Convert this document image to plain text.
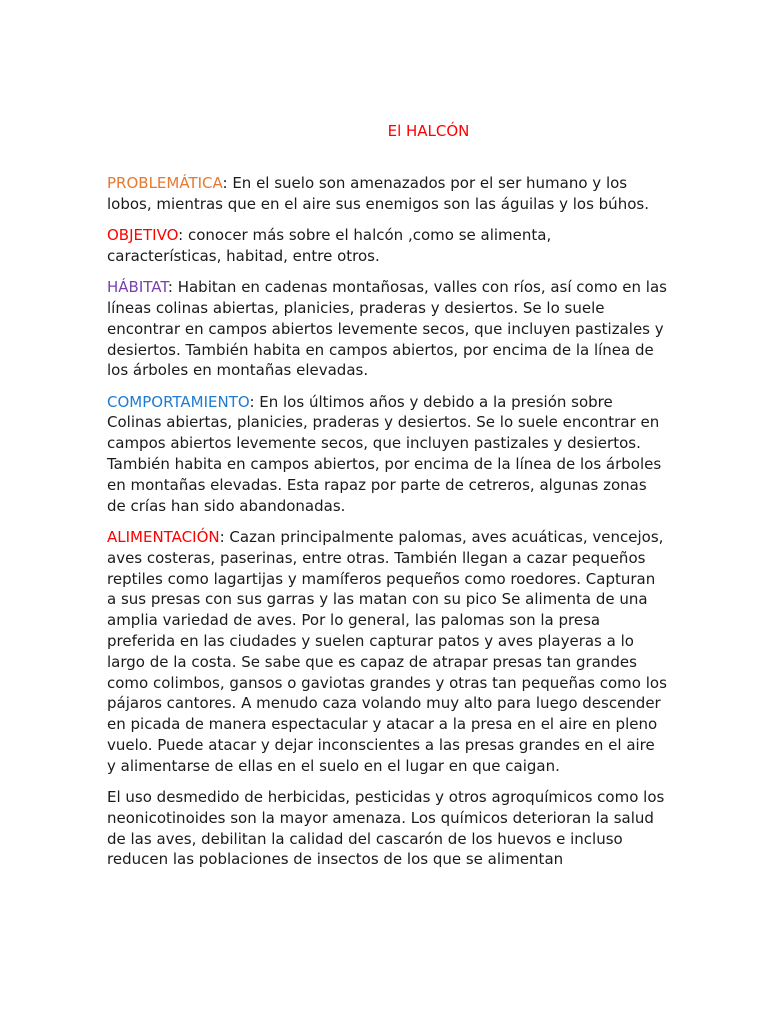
El HALCÓN

PROBLEMÁTICA: En el suelo son amenazados por el ser humano y los lobos, mientras que en el aire sus enemigos son las águilas y los búhos.

OBJETIVO: conocer más sobre el halcón ,como se alimenta, características, habitad, entre otros.

HÁBITAT: Habitan en cadenas montañosas, valles con ríos, así como en las líneas colinas abiertas, planicies, praderas y desiertos. Se lo suele encontrar en campos abiertos levemente secos, que incluyen pastizales y desiertos. También habita en campos abiertos, por encima de la línea de los árboles en montañas elevadas.

COMPORTAMIENTO: En los últimos años y debido a la presión sobre Colinas abiertas, planicies, praderas y desiertos. Se lo suele encontrar en campos abiertos levemente secos, que incluyen pastizales y desiertos. También habita en campos abiertos, por encima de la línea de los árboles en montañas elevadas. Esta rapaz por parte de cetreros, algunas zonas de crías han sido abandonadas.

ALIMENTACIÓN: Cazan principalmente palomas, aves acuáticas, vencejos, aves costeras, paserinas, entre otras. También llegan a cazar pequeños reptiles como lagartijas y mamíferos pequeños como roedores. Capturan a sus presas con sus garras y las matan con su pico Se alimenta de una amplia variedad de aves. Por lo general, las palomas son la presa preferida en las ciudades y suelen capturar patos y aves playeras a lo largo de la costa. Se sabe que es capaz de atrapar presas tan grandes como colimbos, gansos o gaviotas grandes y otras tan pequeñas como los pájaros cantores. A menudo caza volando muy alto para luego descender en picada de manera espectacular y atacar a la presa en el aire en pleno vuelo. Puede atacar y dejar inconscientes a las presas grandes en el aire y alimentarse de ellas en el suelo en el lugar en que caigan.

El uso desmedido de herbicidas, pesticidas y otros agroquímicos como los neonicotinoides son la mayor amenaza. Los químicos deterioran la salud de las aves, debilitan la calidad del cascarón de los huevos e incluso reducen las poblaciones de insectos de los que se alimentan
